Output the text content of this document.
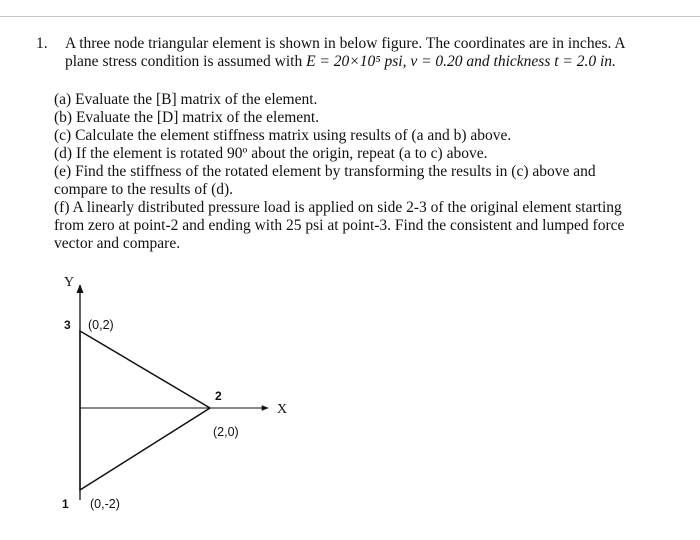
1. A three node triangular element is shown in below figure. The coordinates are in inches. A
plane stress condition is assumed with E = 20×10⁵ psi, v = 0.20 and thickness t = 2.0 in.
(a) Evaluate the [B] matrix of the element.
(b) Evaluate the [D] matrix of the element.
(c) Calculate the element stiffness matrix using results of (a and b) above.
(d) If the element is rotated 90º about the origin, repeat (a to c) above.
(e) Find the stiffness of the rotated element by transforming the results in (c) above and
compare to the results of (d).
(f) A linearly distributed pressure load is applied on side 2-3 of the original element starting
from zero at point-2 and ending with 25 psi at point-3. Find the consistent and lumped force
vector and compare.
Y
X
3 (0,2)
2
(2,0)
1 (0,-2)
